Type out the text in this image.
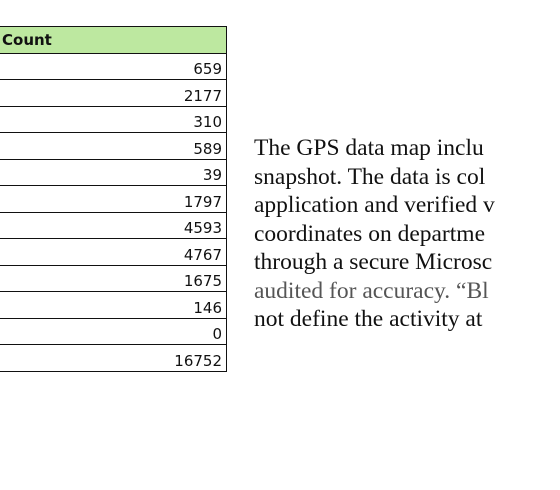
Count
659
2177
310
589
39
1797
4593
4767
1675
146
0
16752
The GPS data map inclu
snapshot. The data is col
application and verified v
coordinates on departme
through a secure Microsc
audited for accuracy. “Bl
not define the activity at
